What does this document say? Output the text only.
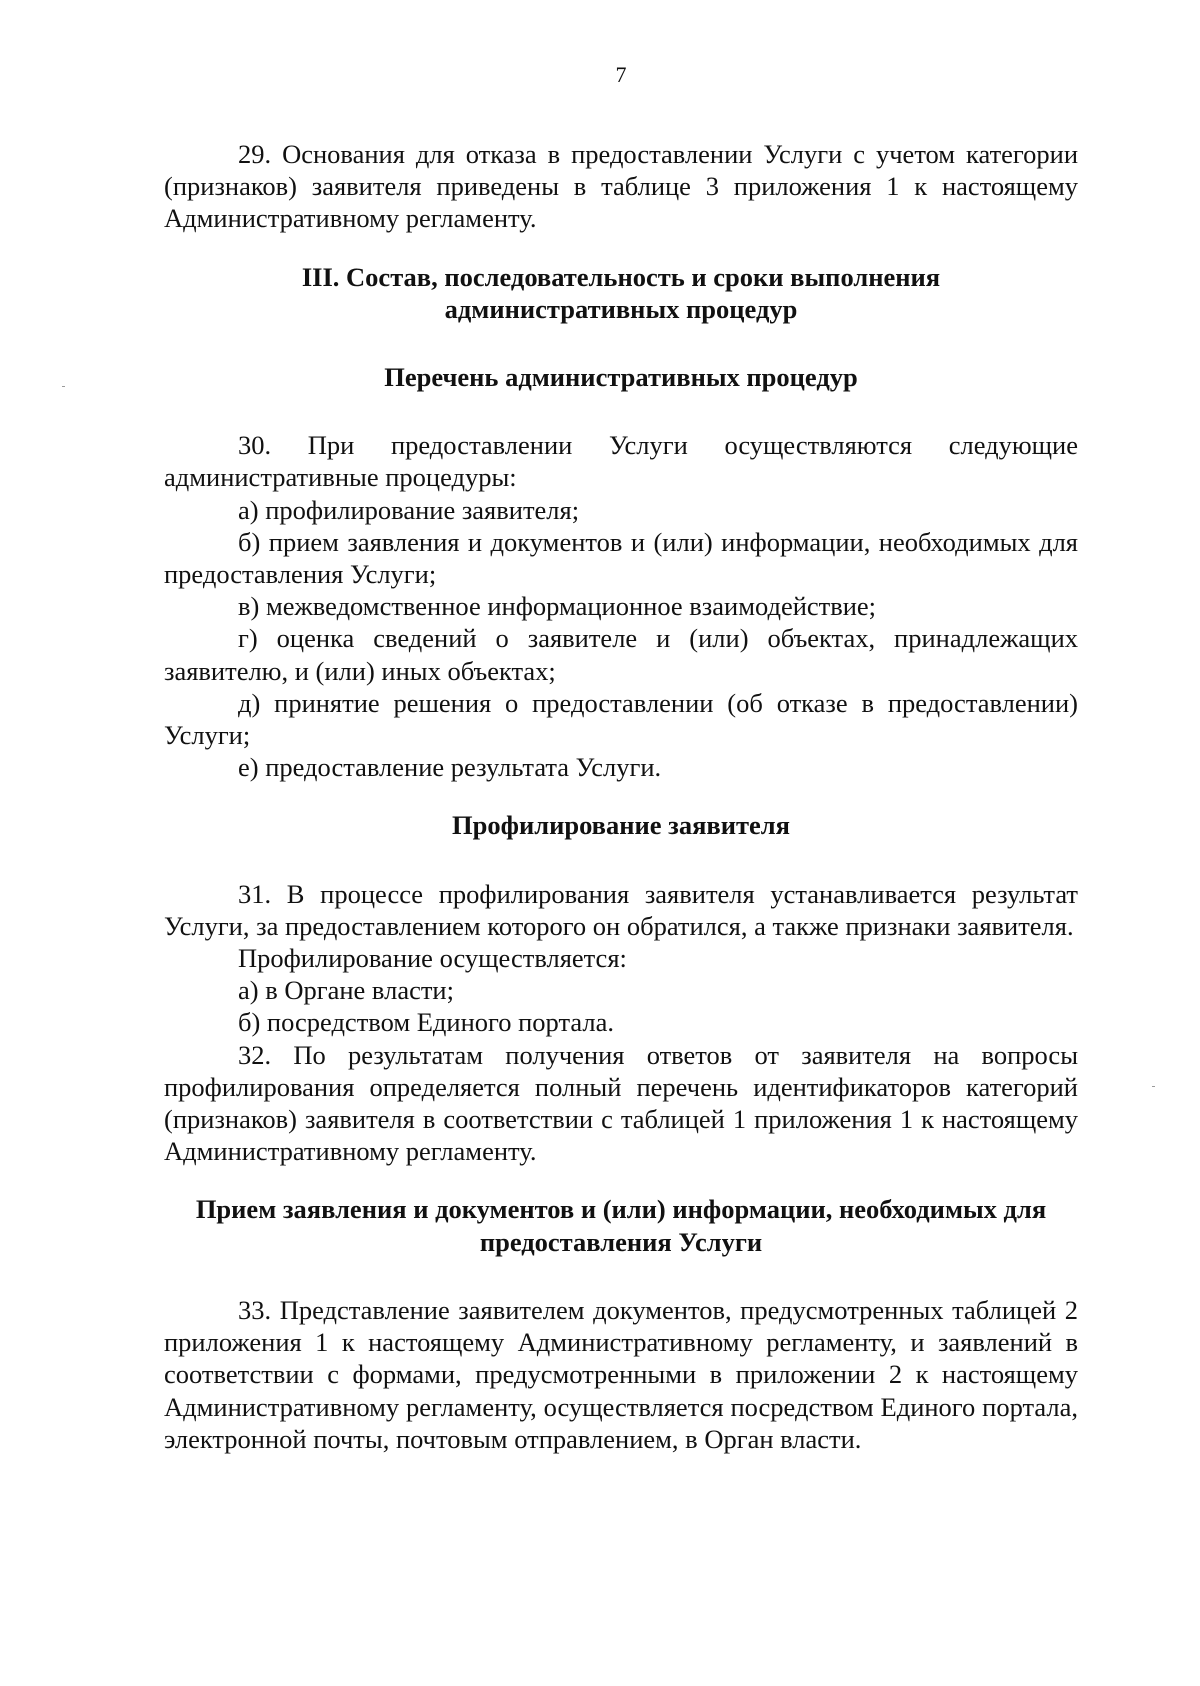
7

29. Основания для отказа в предоставлении Услуги с учетом категории (признаков) заявителя приведены в таблице 3 приложения 1 к настоящему Административному регламенту.

III. Состав, последовательность и сроки выполнения
административных процедур
Перечень административных процедур

30. При предоставлении Услуги осуществляются следующие административные процедуры:

а) профилирование заявителя;

б) прием заявления и документов и (или) информации, необходимых для предоставления Услуги;

в) межведомственное информационное взаимодействие;

г) оценка сведений о заявителе и (или) объектах, принадлежащих заявителю, и (или) иных объектах;

д) принятие решения о предоставлении (об отказе в предоставлении) Услуги;

е) предоставление результата Услуги.

Профилирование заявителя

31. В процессе профилирования заявителя устанавливается результат Услуги, за предоставлением которого он обратился, а также признаки заявителя.

Профилирование осуществляется:

а) в Органе власти;

б) посредством Единого портала.

32. По результатам получения ответов от заявителя на вопросы профилирования определяется полный перечень идентификаторов категорий (признаков) заявителя в соответствии с таблицей 1 приложения 1 к настоящему Административному регламенту.

Прием заявления и документов и (или) информации, необходимых для
предоставления Услуги

33. Представление заявителем документов, предусмотренных таблицей 2 приложения 1 к настоящему Административному регламенту, и заявлений в соответствии с формами, предусмотренными в приложении 2 к настоящему Административному регламенту, осуществляется посредством Единого портала, электронной почты, почтовым отправлением, в Орган власти.
